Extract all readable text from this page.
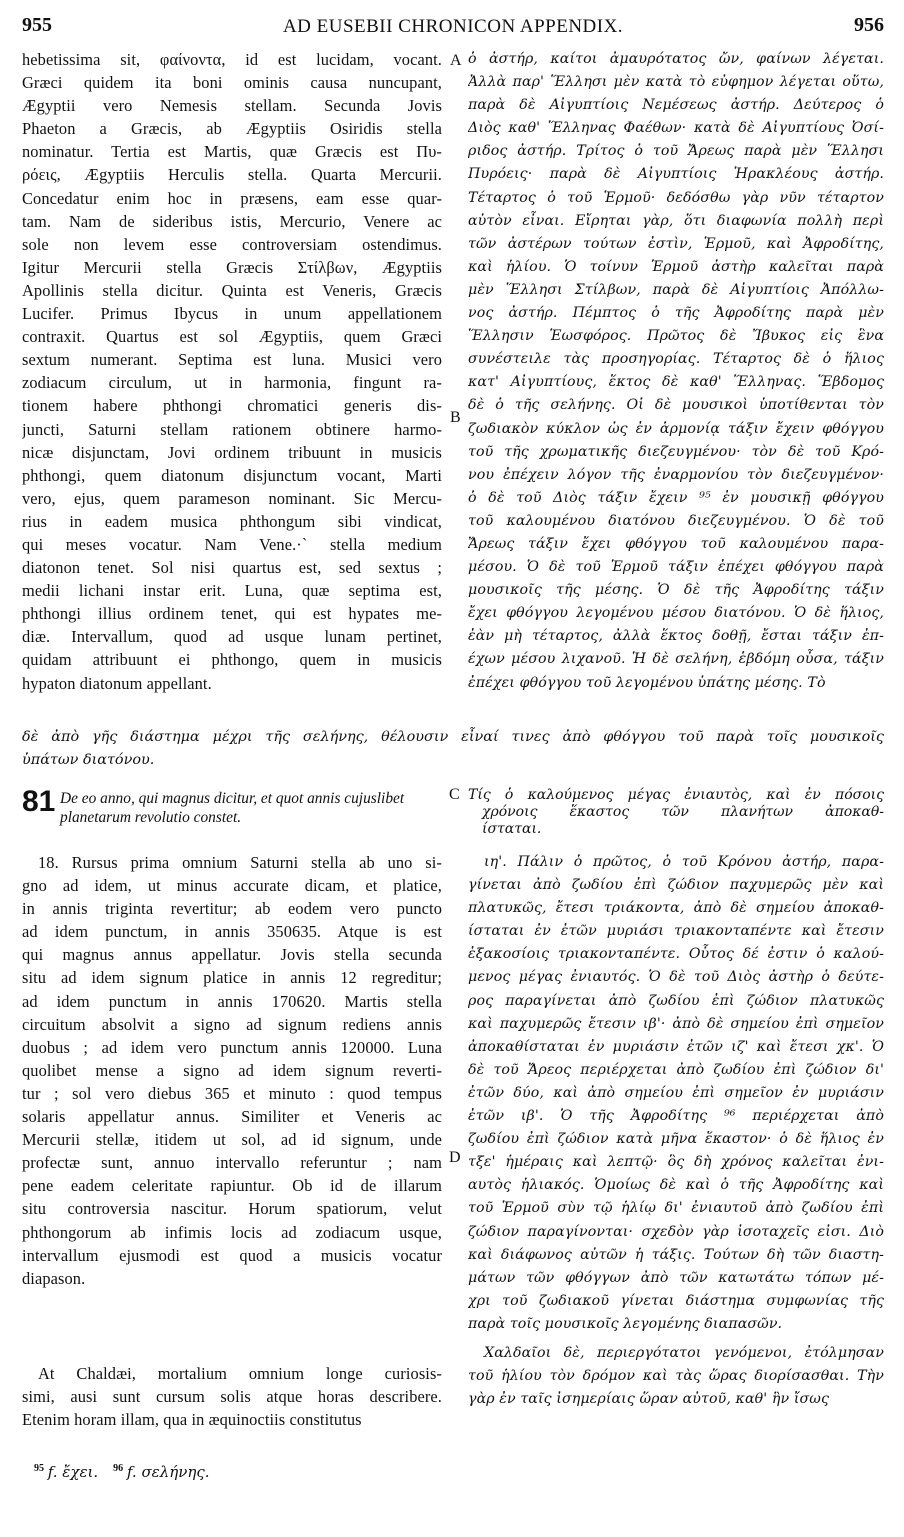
955	AD EUSEBII CHRONICON APPENDIX.	956
hebetissima sit, φαίνοντα, id est lucidam, vocant.
Græci quidem ita boni ominis causa nuncupant,
Ægyptii vero Nemesis stellam. Secunda Jovis
Phaeton a Græcis, ab Ægyptiis Osiridis stella
nominatur. Tertia est Martis, quæ Græcis est Πυ-
ρόεις, Ægyptiis Herculis stella. Quarta Mercurii.
Concedatur enim hoc in præsens, eam esse quar-
tam. Nam de sideribus istis, Mercurio, Venere ac
sole non levem esse controversiam ostendimus.
Igitur Mercurii stella Græcis Στίλβων, Ægyptiis
Apollinis stella dicitur. Quinta est Veneris, Græcis
Lucifer. Primus Ibycus in unum appellationem
contraxit. Quartus est sol Ægyptiis, quem Græci
sextum numerant. Septima est luna. Musici vero
zodiacum circulum, ut in harmonia, fingunt ra-
tionem habere phthongi chromatici generis dis-
juncti, Saturni stellam rationem obtinere harmo-
nicæ disjunctam, Jovi ordinem tribuunt in musicis
phthongi, quem diatonum disjunctum vocant, Marti
vero, ejus, quem parameson nominant. Sic Mercu-
rius in eadem musica phthongum sibi vindicat,
qui meses vocatur. Nam Vene.·` stella medium
diatonon tenet. Sol nisi quartus est, sed sextus ;
medii lichani instar erit. Luna, quæ septima est,
phthongi illius ordinem tenet, qui est hypates me-
diæ. Intervallum, quod ad usque lunam pertinet,
quidam attribuunt ei phthongo, quem in musicis
hypaton diatonum appellant.
ὁ ἀστήρ, καίτοι ἀμαυρότατος ὤν, φαίνων λέγεται.
Ἀλλὰ παρ' Ἕλλησι μὲν κατὰ τὸ εὐφημον λέγεται οὕτω,
παρὰ δὲ Αἰγυπτίοις Νεμέσεως ἀστήρ. Δεύτερος ὁ
Διὸς καθ' Ἕλληνας Φαέθων· κατὰ δὲ Αἰγυπτίους Ὀσί-
ριδος ἀστήρ. Τρίτος ὁ τοῦ Ἄρεως παρὰ μὲν Ἕλλησι
Πυρόεις· παρὰ δὲ Αἰγυπτίοις Ἡρακλέους ἀστήρ.
Τέταρτος ὁ τοῦ Ἑρμοῦ· δεδόσθω γὰρ νῦν τέταρτον
αὐτὸν εἶναι. Εἴρηται γὰρ, ὅτι διαφωνία πολλὴ περὶ
τῶν ἀστέρων τούτων ἐστὶν, Ἑρμοῦ, καὶ Ἀφροδίτης,
καὶ ἡλίου. Ὁ τοίνυν Ἑρμοῦ ἀστὴρ καλεῖται παρὰ
μὲν Ἕλλησι Στίλβων, παρὰ δὲ Αἰγυπτίοις Ἀπόλλω-
νος ἀστήρ. Πέμπτος ὁ τῆς Ἀφροδίτης παρὰ μὲν
Ἕλλησιν Ἑωσφόρος. Πρῶτος δὲ Ἴβυκος εἰς ἓνα
συνέστειλε τὰς προσηγορίας. Τέταρτος δὲ ὁ ἥλιος
κατ' Αἰγυπτίους, ἕκτος δὲ καθ' Ἕλληνας. Ἕβδομος
δὲ ὁ τῆς σελήνης. Οἱ δὲ μουσικοὶ ὑποτίθενται τὸν
ζωδιακὸν κύκλον ὡς ἐν ἁρμονίᾳ τάξιν ἔχειν φθόγγου
τοῦ τῆς χρωματικῆς διεζευγμένου· τὸν δὲ τοῦ Κρό-
νου ἐπέχειν λόγον τῆς ἐναρμονίου τὸν διεζευγμένον·
ὁ δὲ τοῦ Διὸς τάξιν ἔχειν ⁹⁵ ἐν μουσικῇ φθόγγου
τοῦ καλουμένου διατόνου διεζευγμένου. Ὁ δὲ τοῦ
Ἄρεως τάξιν ἔχει φθόγγου τοῦ καλουμένου παρα-
μέσου. Ὁ δὲ τοῦ Ἑρμοῦ τάξιν ἐπέχει φθόγγου παρὰ
μουσικοῖς τῆς μέσης. Ὁ δὲ τῆς Ἀφροδίτης τάξιν
ἔχει φθόγγου λεγομένου μέσου διατόνου. Ὁ δὲ ἥλιος,
ἐὰν μὴ τέταρτος, ἀλλὰ ἕκτος δοθῇ, ἔσται τάξιν ἐπ-
έχων μέσου λιχανοῦ. Ἡ δὲ σελήνη, ἑβδόμη οὖσα, τάξιν
ἐπέχει φθόγγου τοῦ λεγομένου ὑπάτης μέσης. Τὸ
A
B
C
D
δὲ ἀπὸ γῆς διάστημα μέχρι τῆς σελήνης, θέλουσιν εἶναί τινες ἀπὸ φθόγγου τοῦ παρὰ τοῖς μουσικοῖς
ὑπάτων διατόνου.
81 De eo anno, qui magnus dicitur, et quot annis cujuslibet planetarum revolutio constet.
Τίς ὁ καλούμενος μέγας ἐνιαυτὸς, καὶ ἐν πόσοις
χρόνοις ἕκαστος τῶν πλανήτων ἀποκαθ-
ίσταται.
18. Rursus prima omnium Saturni stella ab uno si-
gno ad idem, ut minus accurate dicam, et platice,
in annis triginta revertitur; ab eodem vero puncto
ad idem punctum, in annis 350635. Atque is est
qui magnus annus appellatur. Jovis stella secunda
situ ad idem signum platice in annis 12 regreditur;
ad idem punctum in annis 170620. Martis stella
circuitum absolvit a signo ad signum rediens annis
duobus ; ad idem vero punctum annis 120000. Luna
quolibet mense a signo ad idem signum reverti-
tur ; sol vero diebus 365 et minuto : quod tempus
solaris appellatur annus. Similiter et Veneris ac
Mercurii stellæ, itidem ut sol, ad id signum, unde
profectæ sunt, annuo intervallo referuntur ; nam
pene eadem celeritate rapiuntur. Ob id de illarum
situ controversia nascitur. Horum spatiorum, velut
phthongorum ab infimis locis ad zodiacum usque,
intervallum ejusmodi est quod a musicis vocatur
diapason.
At Chaldæi, mortalium omnium longe curiosis-
simi, ausi sunt cursum solis atque horas describere.
Etenim horam illam, qua in æquinoctiis constitutus
ιη'. Πάλιν ὁ πρῶτος, ὁ τοῦ Κρόνου ἀστήρ, παρα-
γίνεται ἀπὸ ζωδίου ἐπὶ ζώδιον παχυμερῶς μὲν καὶ
πλατυκῶς, ἔτεσι τριάκοντα, ἀπὸ δὲ σημείου ἀποκαθ-
ίσταται ἐν ἐτῶν μυριάσι τριακονταπέντε καὶ ἔτεσιν
ἑξακοσίοις τριακονταπέντε. Οὗτος δέ ἐστιν ὁ καλού-
μενος μέγας ἐνιαυτός. Ὁ δὲ τοῦ Διὸς ἀστὴρ ὁ δεύτε-
ρος παραγίνεται ἀπὸ ζωδίου ἐπὶ ζώδιον πλατυκῶς
καὶ παχυμερῶς ἔτεσιν ιβ'· ἀπὸ δὲ σημείου ἐπὶ σημεῖον
ἀποκαθίσταται ἐν μυριάσιν ἐτῶν ιζ' καὶ ἔτεσι χκ'. Ὁ
δὲ τοῦ Ἄρεος περιέρχεται ἀπὸ ζωδίου ἐπὶ ζώδιον δι'
ἐτῶν δύο, καὶ ἀπὸ σημείου ἐπὶ σημεῖον ἐν μυριάσιν
ἐτῶν ιβ'. Ὁ τῆς Ἀφροδίτης ⁹⁶ περιέρχεται ἀπὸ
ζωδίου ἐπὶ ζώδιον κατὰ μῆνα ἕκαστον· ὁ δὲ ἥλιος ἐν
τξε' ἡμέραις καὶ λεπτῷ· ὃς δὴ χρόνος καλεῖται ἐνι-
αυτὸς ἡλιακός. Ὁμοίως δὲ καὶ ὁ τῆς Ἀφροδίτης καὶ
τοῦ Ἑρμοῦ σὺν τῷ ἡλίῳ δι' ἐνιαυτοῦ ἀπὸ ζωδίου ἐπὶ
ζώδιον παραγίνονται· σχεδὸν γὰρ ἰσοταχεῖς εἰσι. Διὸ
καὶ διάφωνος αὐτῶν ἡ τάξις. Τούτων δὴ τῶν διαστη-
μάτων τῶν φθόγγων ἀπὸ τῶν κατωτάτω τόπων μέ-
χρι τοῦ ζωδιακοῦ γίνεται διάστημα συμφωνίας τῆς
παρὰ τοῖς μουσικοῖς λεγομένης διαπασῶν.
Χαλδαῖοι δὲ, περιεργότατοι γενόμενοι, ἐτόλμησαν
τοῦ ἡλίου τὸν δρόμον καὶ τὰς ὥρας διορίσασθαι. Τὴν
γὰρ ἐν ταῖς ἰσημερίαις ὥραν αὐτοῦ, καθ' ἣν ἴσως
$^{95}$ f. ἔχει. $^{96}$ f. σελήνης.
